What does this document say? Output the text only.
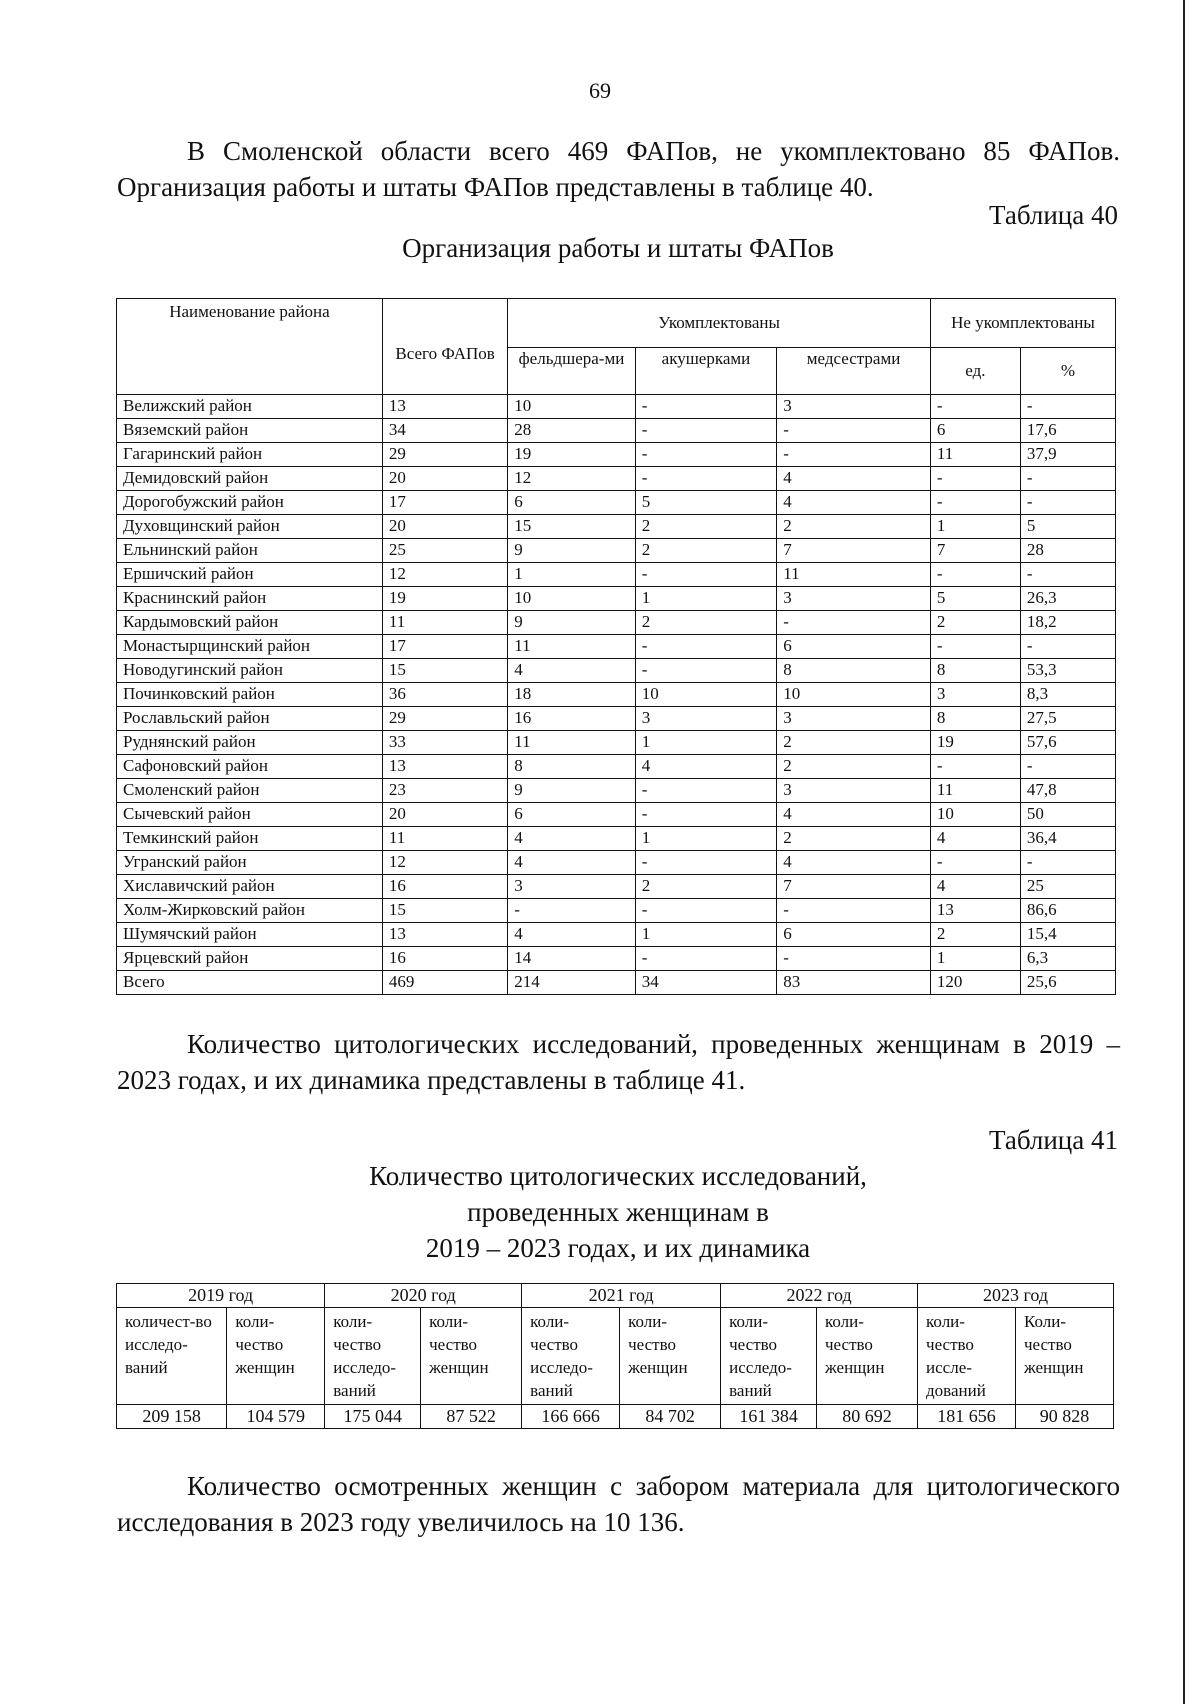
69
В Смоленской области всего 469 ФАПов, не укомплектовано 85 ФАПов. Организация работы и штаты ФАПов представлены в таблице 40.
Таблица 40
Организация работы и штаты ФАПов
Наименование района	Всего ФАПов	Укомплектованы			Не укомплектованы	
		фельдшера-ми	акушерками	медсестрами	ед.	%

Велижский район	13	10	-	3	-	-
Вяземский район	34	28	-	-	6	17,6
Гагаринский район	29	19	-	-	11	37,9
Демидовский район	20	12	-	4	-	-
Дорогобужский район	17	6	5	4	-	-
Духовщинский район	20	15	2	2	1	5
Ельнинский район	25	9	2	7	7	28
Ершичский район	12	1	-	11	-	-
Краснинский район	19	10	1	3	5	26,3
Кардымовский район	11	9	2	-	2	18,2
Монастырщинский район	17	11	-	6	-	-
Новодугинский район	15	4	-	8	8	53,3
Починковский район	36	18	10	10	3	8,3
Рославльский район	29	16	3	3	8	27,5
Руднянский район	33	11	1	2	19	57,6
Сафоновский район	13	8	4	2	-	-
Смоленский район	23	9	-	3	11	47,8
Сычевский район	20	6	-	4	10	50
Темкинский район	11	4	1	2	4	36,4
Угранский район	12	4	-	4	-	-
Хиславичский район	16	3	2	7	4	25
Холм-Жирковский район	15	-	-	-	13	86,6
Шумячский район	13	4	1	6	2	15,4
Ярцевский район	16	14	-	-	1	6,3
Всего	469	214	34	83	120	25,6
Количество цитологических исследований, проведенных женщинам в 2019 – 2023 годах, и их динамика представлены в таблице 41.
Таблица 41
Количество цитологических исследований,
проведенных женщинам в
2019 – 2023 годах, и их динамика
2019 год		2020 год		2021 год		2022 год		2023 год	
количест-во исследо-ваний	коли-чество женщин	коли-чество исследо-ваний	коли-чество женщин	коли-чество исследо-ваний	коли-чество женщин	коли-чество исследо-ваний	коли-чество женщин	коли-чество иссле-дований	Коли-чество женщин
209 158	104 579	175 044	87 522	166 666	84 702	161 384	80 692	181 656	90 828
Количество осмотренных женщин с забором материала для цитологического исследования в 2023 году увеличилось на 10 136.
